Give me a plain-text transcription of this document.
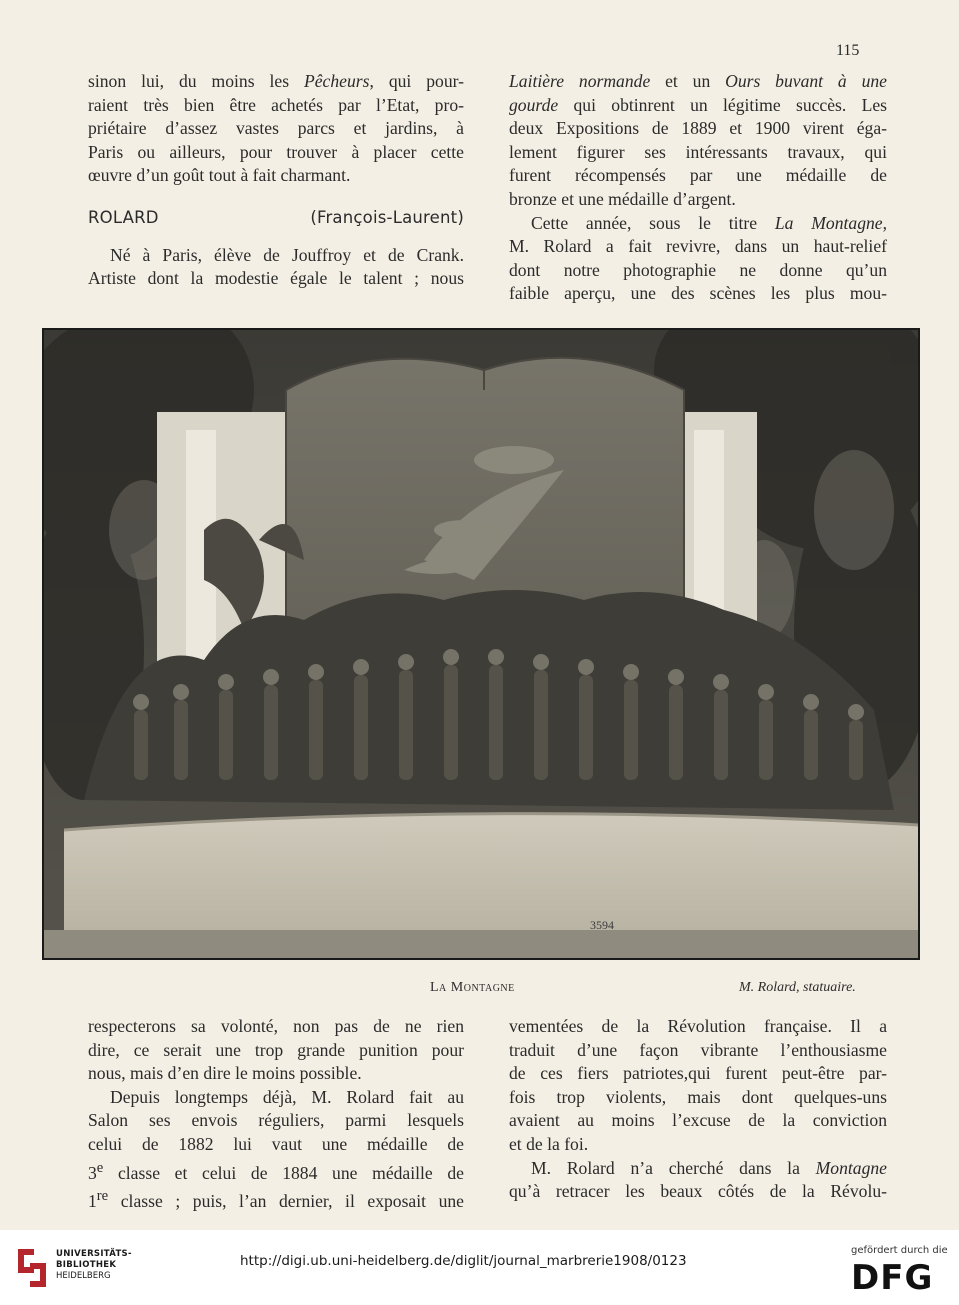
115

sinon lui, du moins les Pêcheurs, qui pour-

raient très bien être achetés par l’Etat, pro-

priétaire d’assez vastes parcs et jardins, à

Paris ou ailleurs, pour trouver à placer cette

œuvre d’un goût tout à fait charmant.

ROLARD (François-Laurent)

Né à Paris, élève de Jouffroy et de Crank.

Artiste dont la modestie égale le talent ; nous

Laitière normande et un Ours buvant à une

gourde qui obtinrent un légitime succès. Les

deux Expositions de 1889 et 1900 virent éga-

lement figurer ses intéressants travaux, qui

furent récompensés par une médaille de

bronze et une médaille d’argent.

Cette année, sous le titre La Montagne,

M. Rolard a fait revivre, dans un haut-relief

dont notre photographie ne donne qu’un

faible aperçu, une des scènes les plus mou-

3594
La Montagne	M. Rolard, statuaire.

respecterons sa volonté, non pas de ne rien

dire, ce serait une trop grande punition pour

nous, mais d’en dire le moins possible.

Depuis longtemps déjà, M. Rolard fait au

Salon ses envois réguliers, parmi lesquels

celui de 1882 lui vaut une médaille de

3e classe et celui de 1884 une médaille de

1re classe ; puis, l’an dernier, il exposait une

vementées de la Révolution française. Il a

traduit d’une façon vibrante l’enthousiasme

de ces fiers patriotes,qui furent peut-être par-

fois trop violents, mais dont quelques-uns

avaient au moins l’excuse de la conviction

et de la foi.

M. Rolard n’a cherché dans la Montagne

qu’à retracer les beaux côtés de la Révolu-

UNIVERSITÄTS-
BIBLIOTHEK
HEIDELBERG
http://digi.ub.uni-heidelberg.de/diglit/journal_marbrerie1908/0123
gefördert durch die
DFG
